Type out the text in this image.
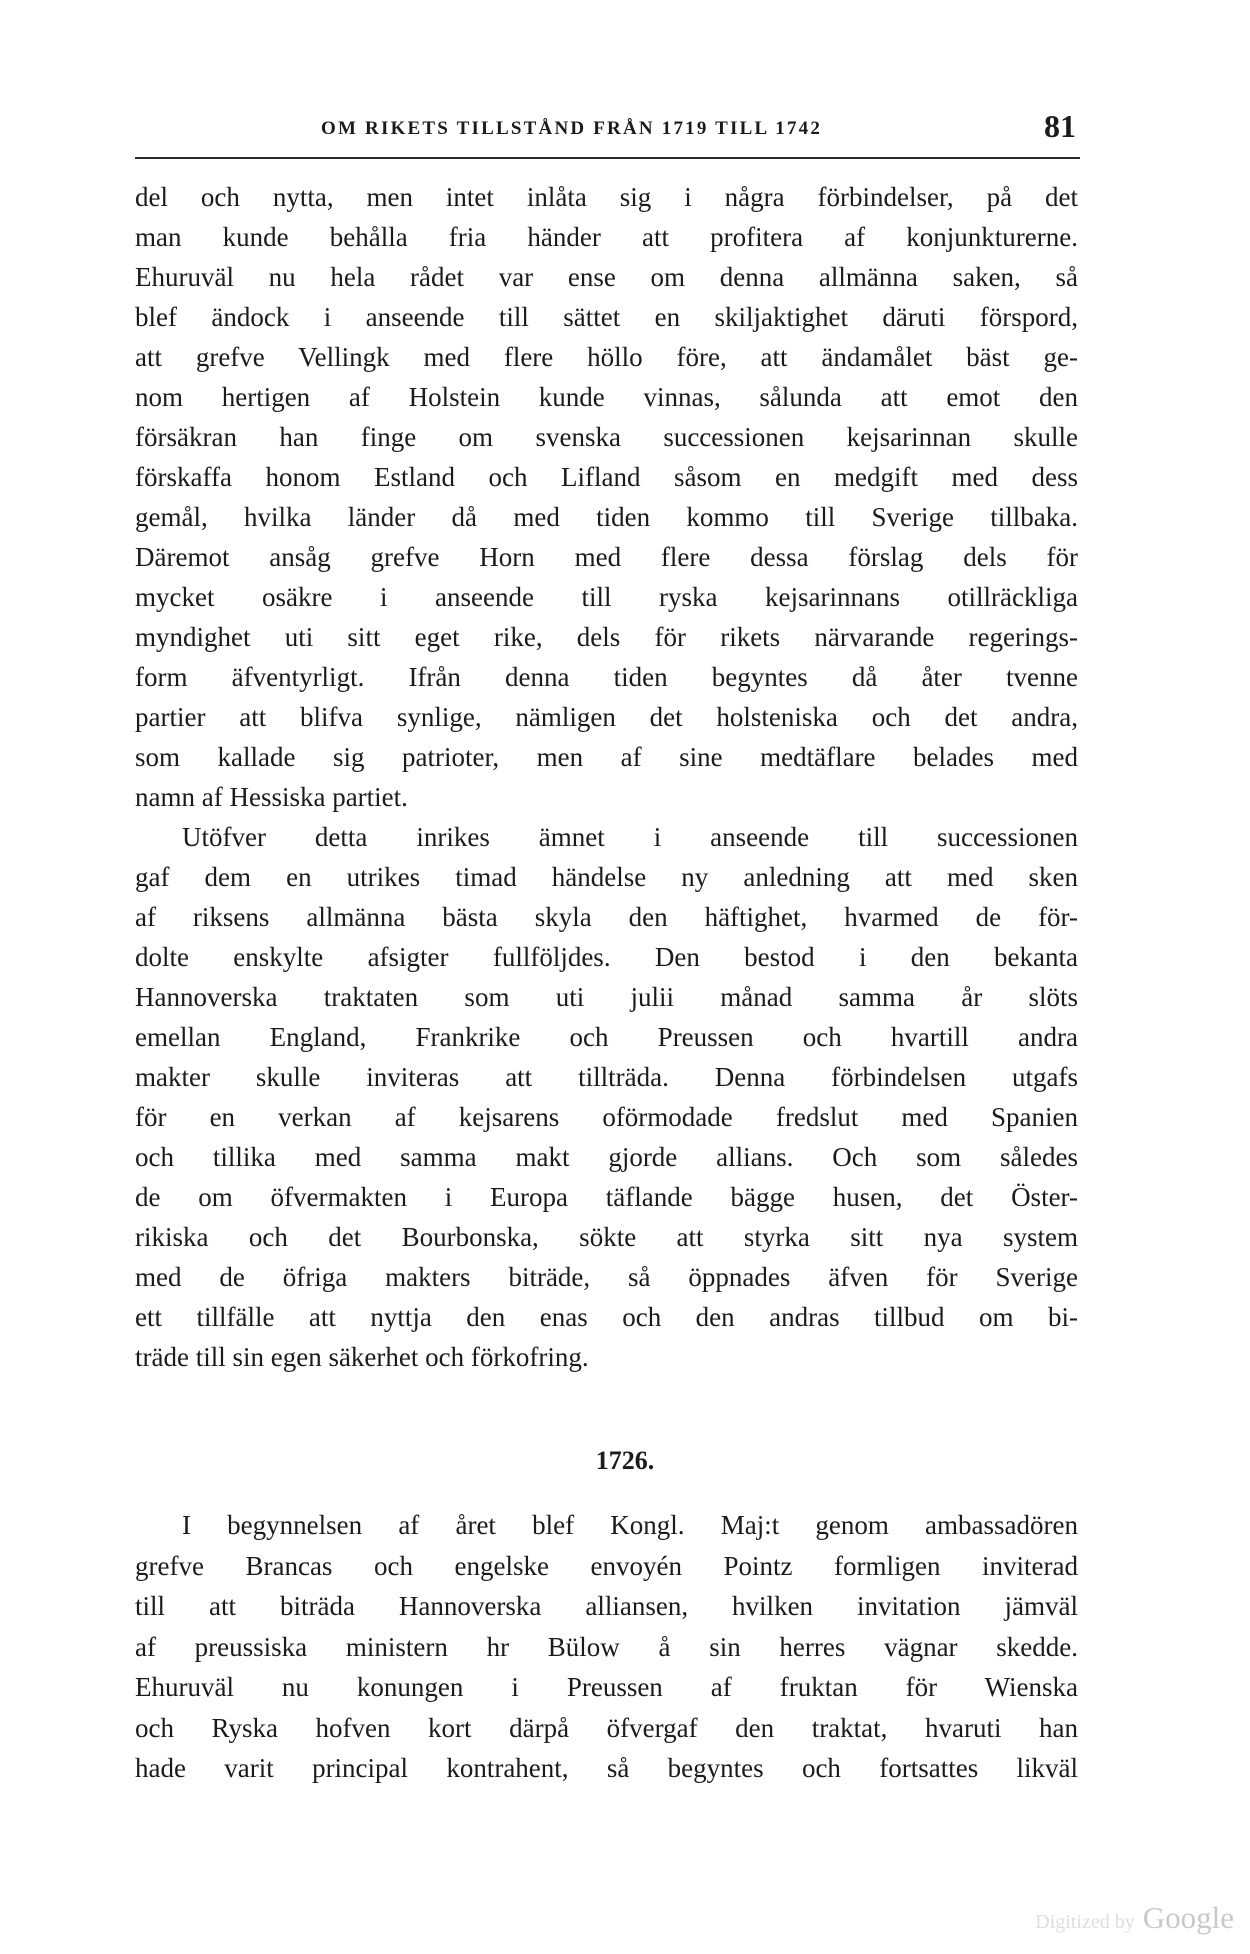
OM RIKETS TILLSTÅND FRÅN 1719 TILL 1742	81
del och nytta, men intet inlåta sig i några förbindelser, på det
man kunde behålla fria händer att profitera af konjunkturerne.
Ehuruväl nu hela rådet var ense om denna allmänna saken, så
blef ändock i anseende till sättet en skiljaktighet däruti förspord,
att grefve Vellingk med flere höllo före, att ändamålet bäst ge-
nom hertigen af Holstein kunde vinnas, sålunda att emot den
försäkran han finge om svenska successionen kejsarinnan skulle
förskaffa honom Estland och Lifland såsom en medgift med dess
gemål, hvilka länder då med tiden kommo till Sverige tillbaka.
Däremot ansåg grefve Horn med flere dessa förslag dels för
mycket osäkre i anseende till ryska kejsarinnans otillräckliga
myndighet uti sitt eget rike, dels för rikets närvarande regerings-
form äfventyrligt. Ifrån denna tiden begyntes då åter tvenne
partier att blifva synlige, nämligen det holsteniska och det andra,
som kallade sig patrioter, men af sine medtäflare belades med
namn af Hessiska partiet.
Utöfver detta inrikes ämnet i anseende till successionen
gaf dem en utrikes timad händelse ny anledning att med sken
af riksens allmänna bästa skyla den häftighet, hvarmed de för-
dolte enskylte afsigter fullföljdes. Den bestod i den bekanta
Hannoverska traktaten som uti julii månad samma år slöts
emellan England, Frankrike och Preussen och hvartill andra
makter skulle inviteras att tillträda. Denna förbindelsen utgafs
för en verkan af kejsarens oförmodade fredslut med Spanien
och tillika med samma makt gjorde allians. Och som således
de om öfvermakten i Europa täflande bägge husen, det Öster-
rikiska och det Bourbonska, sökte att styrka sitt nya system
med de öfriga makters biträde, så öppnades äfven för Sverige
ett tillfälle att nyttja den enas och den andras tillbud om bi-
träde till sin egen säkerhet och förkofring.
1726.
I begynnelsen af året blef Kongl. Maj:t genom ambassadören
grefve Brancas och engelske envoyén Pointz formligen inviterad
till att biträda Hannoverska alliansen, hvilken invitation jämväl
af preussiska ministern hr Bülow å sin herres vägnar skedde.
Ehuruväl nu konungen i Preussen af fruktan för Wienska
och Ryska hofven kort därpå öfvergaf den traktat, hvaruti han
hade varit principal kontrahent, så begyntes och fortsattes likväl
Digitized by Google
